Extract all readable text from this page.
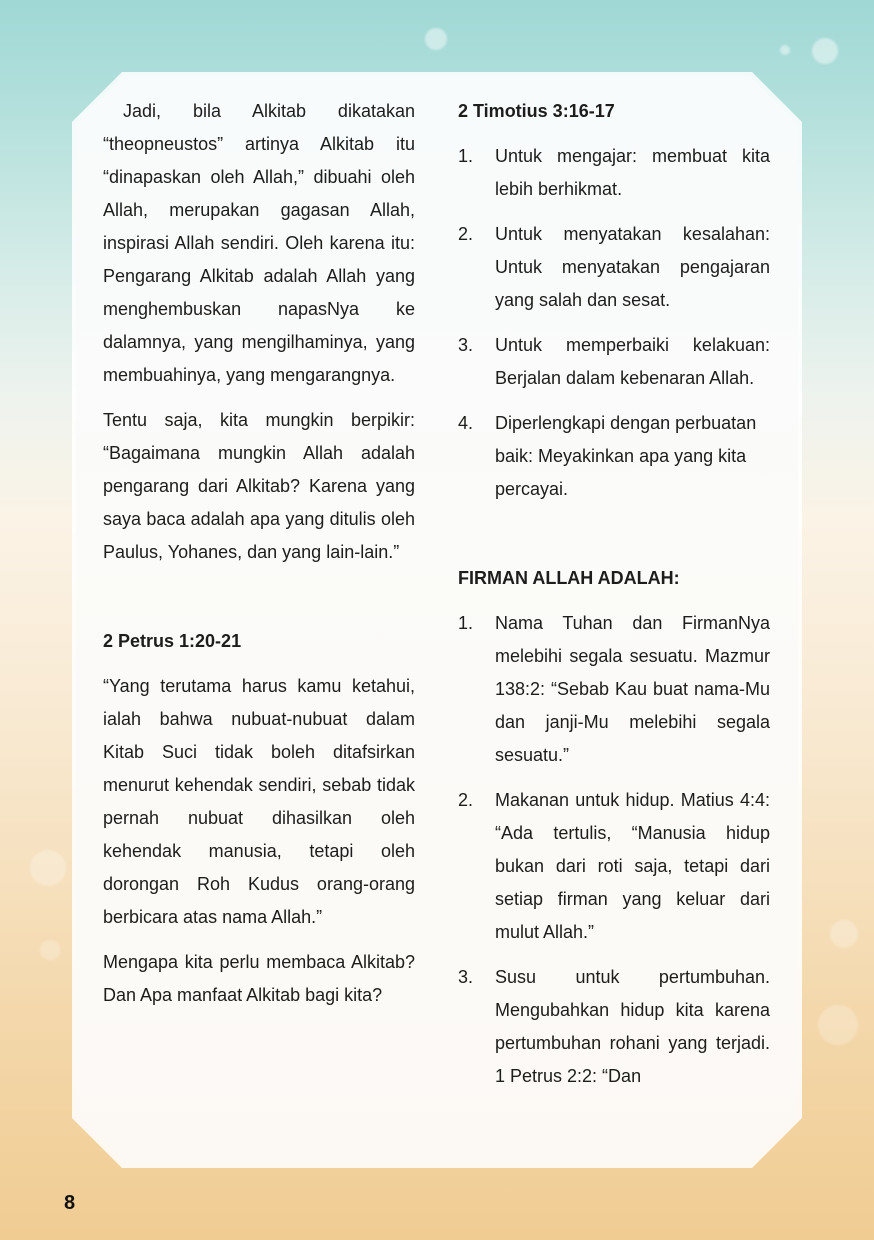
Jadi, bila Alkitab dikatakan “theopneustos” artinya Alkitab itu “dinapaskan oleh Allah,” dibuahi oleh Allah, merupakan gagasan Allah, inspirasi Allah sendiri. Oleh karena itu: Pengarang Alkitab adalah Allah yang menghembuskan napasNya ke dalamnya, yang mengilhaminya, yang membuahinya, yang mengarangnya.

Tentu saja, kita mungkin berpikir: “Bagaimana mungkin Allah adalah pengarang dari Alkitab? Karena yang saya baca adalah apa yang ditulis oleh Paulus, Yohanes, dan yang lain-lain.”

2 Petrus 1:20-21

“Yang terutama harus kamu ketahui, ialah bahwa nubuat-nubuat dalam Kitab Suci tidak boleh ditafsirkan menurut kehendak sendiri, sebab tidak pernah nubuat dihasilkan oleh kehendak manusia, tetapi oleh dorongan Roh Kudus orang-orang berbicara atas nama Allah.”

Mengapa kita perlu membaca Alkitab? Dan Apa manfaat Alkitab bagi kita?

2 Timotius 3:16-17
1.	Untuk mengajar: membuat kita lebih berhikmat.
2.	Untuk menyatakan kesalahan: Untuk menyatakan pengajaran yang salah dan sesat.
3.	Untuk memperbaiki kelakuan: Berjalan dalam kebenaran Allah.
4.	Diperlengkapi dengan perbuatan baik: Meyakinkan apa yang kita percayai.
FIRMAN ALLAH ADALAH:
1.	Nama Tuhan dan FirmanNya melebihi segala sesuatu. Mazmur 138:2: “Sebab Kau buat nama-Mu dan janji-Mu melebihi segala sesuatu.”
2.	Makanan untuk hidup. Matius 4:4: “Ada tertulis, “Manusia hidup bukan dari roti saja, tetapi dari setiap firman yang keluar dari mulut Allah.”
3.	Susu untuk pertumbuhan. Mengubahkan hidup kita karena pertumbuhan rohani yang terjadi. 1 Petrus 2:2: “Dan
8
